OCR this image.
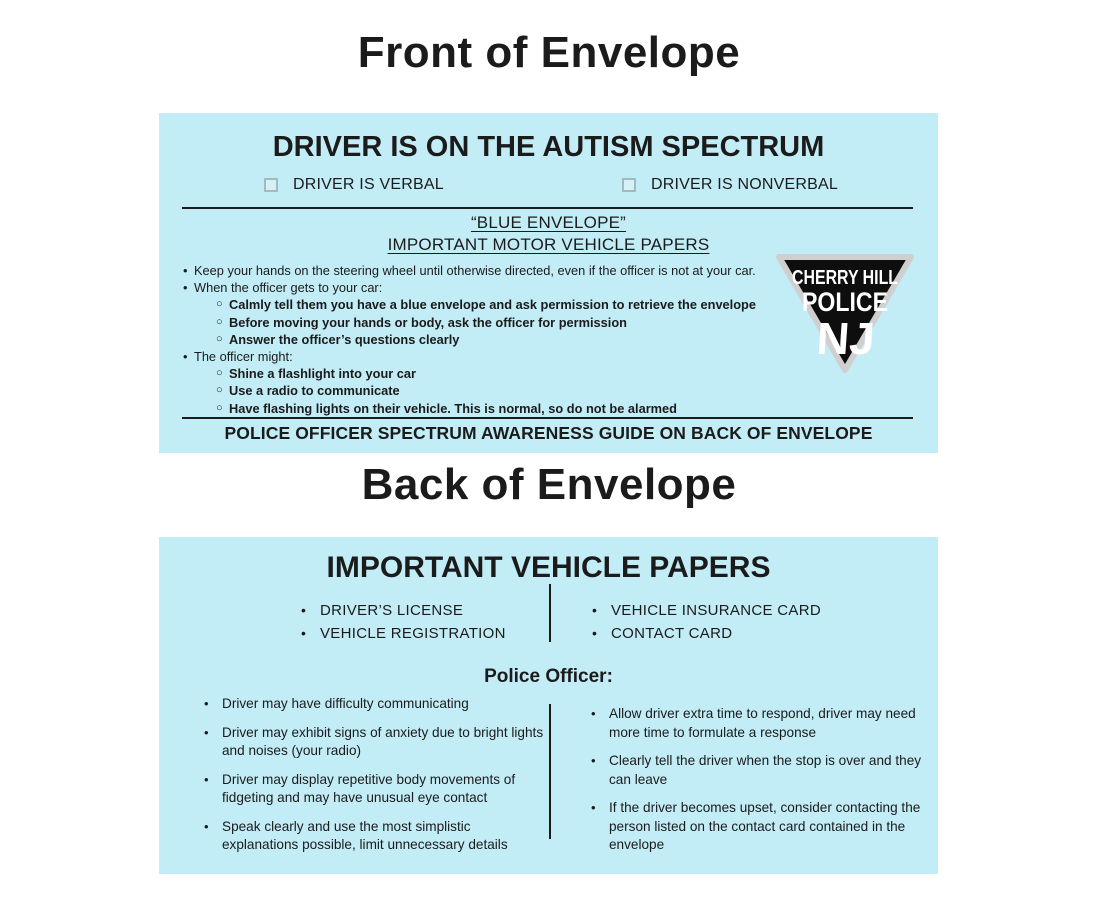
Front of Envelope
DRIVER IS ON THE AUTISM SPECTRUM
DRIVER IS VERBAL	DRIVER IS NONVERBAL
“BLUE ENVELOPE”
IMPORTANT MOTOR VEHICLE PAPERS
• Keep your hands on the steering wheel until otherwise directed, even if the officer is not at your car.
• When the officer gets to your car:
○ Calmly tell them you have a blue envelope and ask permission to retrieve the envelope
○ Before moving your hands or body, ask the officer for permission
○ Answer the officer’s questions clearly
• The officer might:
○ Shine a flashlight into your car
○ Use a radio to communicate
○ Have flashing lights on their vehicle. This is normal, so do not be alarmed
POLICE OFFICER SPECTRUM AWARENESS GUIDE ON BACK OF ENVELOPE
CHERRY HILL
POLICE
NJ
Back of Envelope
IMPORTANT VEHICLE PAPERS
• DRIVER’S LICENSE
• VEHICLE REGISTRATION
• VEHICLE INSURANCE CARD
• CONTACT CARD
Police Officer:
• Driver may have difficulty communicating
• Driver may exhibit signs of anxiety due to bright lights and noises (your radio)
• Driver may display repetitive body movements of fidgeting and may have unusual eye contact
• Speak clearly and use the most simplistic explanations possible, limit unnecessary details
• Allow driver extra time to respond, driver may need more time to formulate a response
• Clearly tell the driver when the stop is over and they can leave
• If the driver becomes upset, consider contacting the person listed on the contact card contained in the envelope
